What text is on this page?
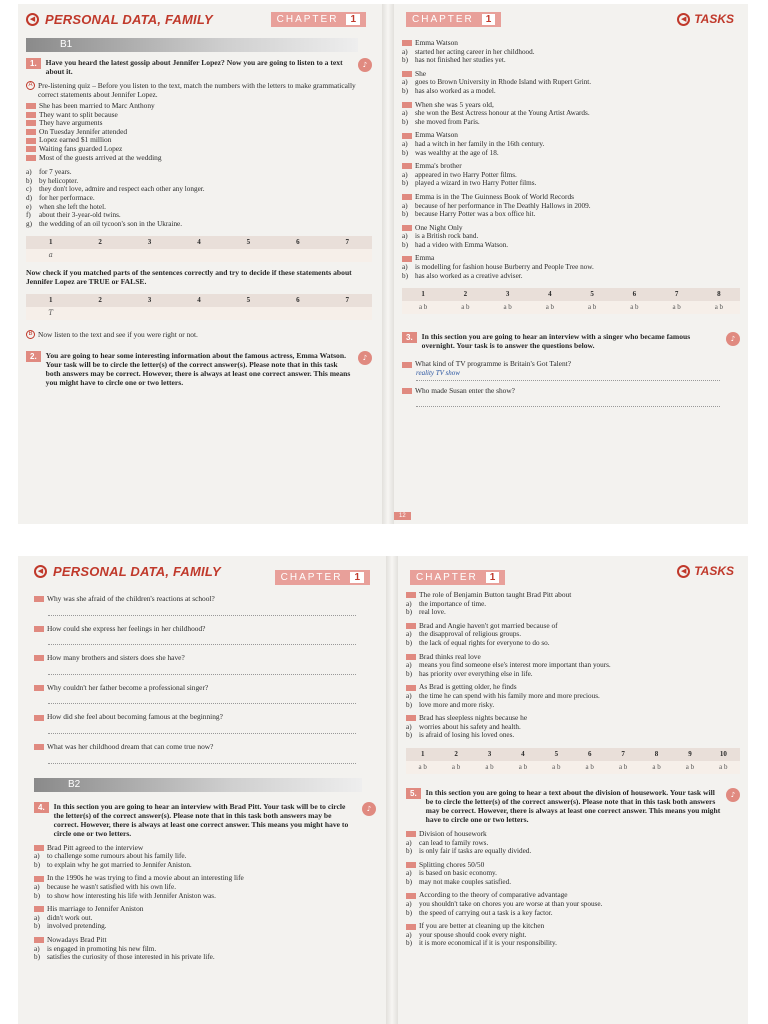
◀ PERSONAL DATA, FAMILY	CHAPTER	1
B1
1.	Have you heard the latest gossip about Jennifer Lopez? Now you are going to listen to a text about it.
♪
A Pre-listening quiz – Before you listen to the text, match the numbers with the letters to make grammatically correct statements about Jennifer Lopez.
She has been married to Marc Anthony
They want to split because
They have arguments
On Tuesday Jennifer attended
Lopez earned $1 million
Waiting fans guarded Lopez
Most of the guests arrived at the wedding
a)	for 7 years.
b) by helicopter.
c)	they don't love, admire and respect each other any longer.
d) for her performace.
e)	when she left the hotel.
f)	about their 3-year-old twins.
g) the wedding of an oil tycoon's son in the Ukraine.
1	2	3	4	5	6	7
a
Now check if you matched parts of the sentences correctly and try to decide if these statements about Jennifer Lopez are TRUE or FALSE.
1	2	3	4	5	6	7
T
B Now listen to the text and see if you were right or not.
2.	You are going to hear some interesting information about the famous actress, Emma Watson. Your task will be to circle the letter(s) of the correct answer(s). Please note that in this task both answers may be correct. However, there is always at least one correct answer. This means you might have to circle one or two letters.
♪
CHAPTER	1	◀ TASKS
Emma Watson
a)	started her acting career in her childhood.
b) has not finished her studies yet.
She
a)	goes to Brown University in Rhode Island with Rupert Grint.
b) has also worked as a model.
When she was 5 years old,
a)	she won the Best Actress honour at the Young Artist Awards.
b) she moved from Paris.
Emma Watson
a)	had a witch in her family in the 16th century.
b) was wealthy at the age of 18.
Emma's brother
a)	appeared in two Harry Potter films.
b) played a wizard in two Harry Potter films.
Emma is in the The Guinness Book of World Records
a)	because of her performance in The Deathly Hallows in 2009.
b) because Harry Potter was a box office hit.
One Night Only
a)	is a British rock band.
b) had a video with Emma Watson.
Emma
a)	is modelling for fashion house Burberry and People Tree now.
b) has also worked as a creative adviser.
1	2	3	4	5	6	7	8
a b	a b	a b	a b	a b	a b	a b	a b
3.	In this section you are going to hear an interview with a singer who became famous overnight. Your task is to answer the questions below.
♪
What kind of TV programme is Britain's Got Talent?
reality TV show
Who made Susan enter the show?
12
◀ PERSONAL DATA, FAMILY	CHAPTER	1
Why was she afraid of the children's reactions at school?
How could she express her feelings in her childhood?
How many brothers and sisters does she have?
Why couldn't her father become a professional singer?
How did she feel about becoming famous at the beginning?
What was her childhood dream that can come true now?
B2
4.	In this section you are going to hear an interview with Brad Pitt. Your task will be to circle the letter(s) of the correct answer(s). Please note that in this task both answers may be correct. However, there is always at least one correct answer. This means you might have to circle one or two letters.
♪
Brad Pitt agreed to the interview
a)	to challenge some rumours about his family life.
b) to explain why he got married to Jennifer Aniston.
In the 1990s he was trying to find a movie about an interesting life
a)	because he wasn't satisfied with his own life.
b) to show how interesting his life with Jennifer Aniston was.
His marriage to Jennifer Aniston
a)	didn't work out.
b) involved pretending.
Nowadays Brad Pitt
a)	is engaged in promoting his new film.
b) satisfies the curiosity of those interested in his private life.
CHAPTER	1
◀ TASKS
The role of Benjamin Button taught Brad Pitt about
a)	the importance of time.
b) real love.
Brad and Angie haven't got married because of
a)	the disapproval of religious groups.
b) the lack of equal rights for everyone to do so.
Brad thinks real love
a)	means you find someone else's interest more important than yours.
b) has priority over everything else in life.
As Brad is getting older, he finds
a)	the time he can spend with his family more and more precious.
b) love more and more risky.
Brad has sleepless nights because he
a)	worries about his safety and health.
b) is afraid of losing his loved ones.
1	2	3	4	5	6	7	8	9	10
a b	a b	a b	a b	a b	a b	a b	a b	a b	a b
5.	In this section you are going to hear a text about the division of housework. Your task will be to circle the letter(s) of the correct answer(s). Please note that in this task both answers may be correct. However, there is always at least one correct answer. This means you might have to circle one or two letters.
♪
Division of housework
a)	can lead to family rows.
b) is only fair if tasks are equally divided.
Splitting chores 50/50
a)	is based on basic economy.
b) may not make couples satisfied.
According to the theory of comparative advantage
a)	you shouldn't take on chores you are worse at than your spouse.
b) the speed of carrying out a task is a key factor.
If you are better at cleaning up the kitchen
a)	your spouse should cook every night.
b) it is more economical if it is your responsibility.
